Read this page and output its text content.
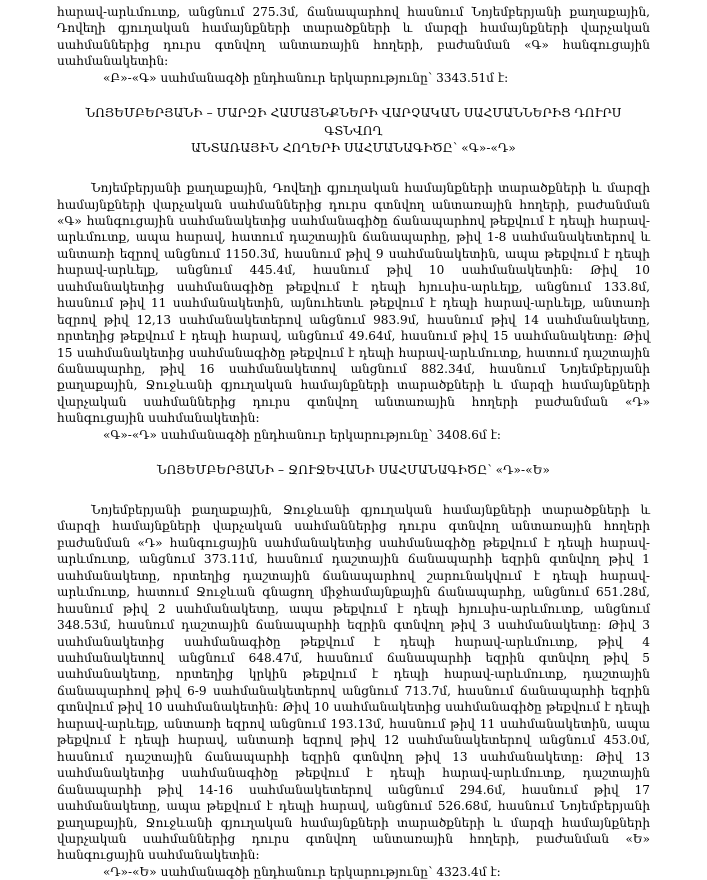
հարավ-արևմուտք, անցնում 275.3մ, ճանապարհով հասնում Նոյեմբերյանի քաղաքային, Դովեղի գյուղական համայնքների տարածքների և մարզի համայնքների վարչական սահմաններից դուրս գտնվող անտառային հողերի, բաժանման «Գ» հանգուցային սահմանակետին:

«Բ»-«Գ» սահմանագծի ընդհանուր երկարությունը՝ 3343.51մ է:

ՆՈՅԵՄԲԵՐՅԱՆԻ – ՄԱՐԶԻ ՀԱՄԱՅՆՔՆԵՐԻ ՎԱՐՉԱԿԱՆ ՍԱՀՄԱՆՆԵՐԻՑ ԴՈՒՐՍ ԳՏՆՎՈՂ

ԱՆՏԱՌԱՅԻՆ ՀՈՂԵՐԻ ՍԱՀՄԱՆԱԳԻԾԸ՝ «Գ»-«Դ»

Նոյեմբերյանի քաղաքային, Դովեղի գյուղական համայնքների տարածքների և մարզի համայնքների վարչական սահմաններից դուրս գտնվող անտառային հողերի, բաժանման «Գ» հանգուցային սահմանակետից սահմանագիծը ճանապարհով թեքվում է դեպի հարավ-արևմուտք, ապա հարավ, հատում դաշտային ճանապարհը, թիվ 1-8 սահմանակետերով և անտառի եզրով անցնում 1150.3մ, հասնում թիվ 9 սահմանակետին, ապա թեքվում է դեպի հարավ-արևելք, անցնում 445.4մ, հասնում թիվ 10 սահմանակետին: Թիվ 10 սահմանակետից սահմանագիծը թեքվում է դեպի հյուսիս-արևելք, անցնում 133.8մ, հասնում թիվ 11 սահմանակետին, այնուհետև թեքվում է դեպի հարավ-արևելք, անտառի եզրով թիվ 12,13 սահմանակետերով անցնում 983.9մ, հասնում թիվ 14 սահմանակետը, որտեղից թեքվում է դեպի հարավ, անցնում 49.64մ, հասնում թիվ 15 սահմանակետը: Թիվ 15 սահմանակետից սահմանագիծը թեքվում է դեպի հարավ-արևմուտք, հատում դաշտային ճանապարհը, թիվ 16 սահմանակետով անցնում 882.34մ, հասնում Նոյեմբերյանի քաղաքային, Ջուջևանի գյուղական համայնքների տարածքների և մարզի համայնքների վարչական սահմաններից դուրս գտնվող անտառային հողերի բաժանման «Դ» հանգուցային սահմանակետին:

«Գ»-«Դ» սահմանագծի ընդհանուր երկարությունը՝ 3408.6մ է:

ՆՈՅԵՄԲԵՐՅԱՆԻ – ՋՈՒՋԵՎԱՆԻ ՍԱՀՄԱՆԱԳԻԾԸ՝ «Դ»-«Ե»

Նոյեմբերյանի քաղաքային, Ջուջևանի գյուղական համայնքների տարածքների և մարզի համայնքների վարչական սահմաններից դուրս գտնվող անտառային հողերի բաժանման «Դ» հանգուցային սահմանակետից սահմանագիծը թեքվում է դեպի հարավ-արևմուտք, անցնում 373.11մ, հասնում դաշտային ճանապարհի եզրին գտնվող թիվ 1 սահմանակետը, որտեղից դաշտային ճանապարհով շարունակվում է դեպի հարավ-արևմուտք, հատում Ջուջևան գնացող միջհամայնքային ճանապարհը, անցնում 651.28մ, հասնում թիվ 2 սահմանակետը, ապա թեքվում է դեպի հյուսիս-արևմուտք, անցնում 348.53մ, հասնում դաշտային ճանապարհի եզրին գտնվող թիվ 3 սահմանակետը: Թիվ 3 սահմանակետից սահմանագիծը թեքվում է դեպի հարավ-արևմուտք, թիվ 4 սահմանակետով անցնում 648.47մ, հասնում ճանապարհի եզրին գտնվող թիվ 5 սահմանակետը, որտեղից կրկին թեքվում է դեպի հարավ-արևմուտք, դաշտային ճանապարհով թիվ 6-9 սահմանակետերով անցնում 713.7մ, հասնում ճանապարհի եզրին գտնվում թիվ 10 սահմանակետին: Թիվ 10 սահմանակետից սահմանագիծը թեքվում է դեպի հարավ-արևելք, անտառի եզրով անցնում 193.13մ, հասնում թիվ 11 սահմանակետին, ապա թեքվում է դեպի հարավ, անտառի եզրով թիվ 12 սահմանակետերով անցնում 453.0մ, հասնում դաշտային ճանապարհի եզրին գտնվող թիվ 13 սահմանակետը: Թիվ 13 սահմանակետից սահմանագիծը թեքվում է դեպի հարավ-արևմուտք, դաշտային ճանապարհի թիվ 14-16 սահմանակետերով անցնում 294.6մ, հասնում թիվ 17 սահմանակետը, ապա թեքվում է դեպի հարավ, անցնում 526.68մ, հասնում Նոյեմբերյանի քաղաքային, Ջուջևանի գյուղական համայնքների տարածքների և մարզի համայնքների վարչական սահմաններից դուրս գտնվող անտառային հողերի, բաժանման «Ե» հանգուցային սահմանակետին:

«Դ»-«Ե» սահմանագծի ընդհանուր երկարությունը՝ 4323.4մ է:
